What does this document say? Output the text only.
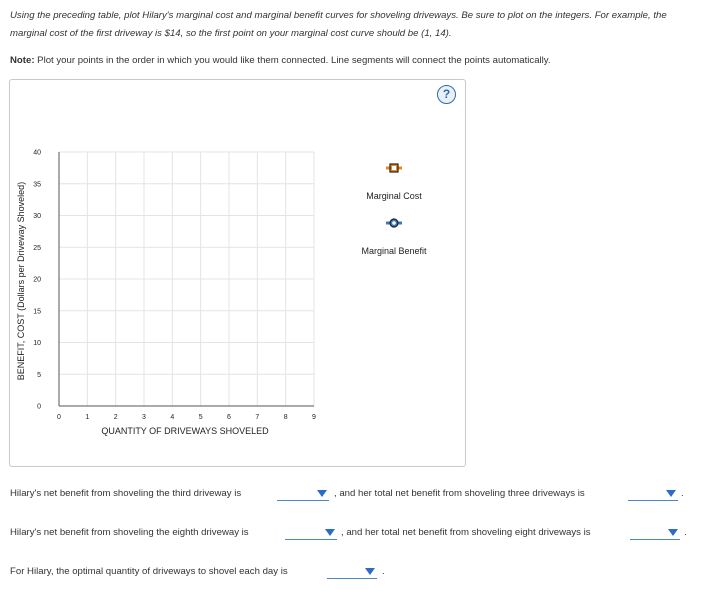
Using the preceding table, plot Hilary's marginal cost and marginal benefit curves for shoveling driveways. Be sure to plot on the integers. For example, the marginal cost of the first driveway is $14, so the first point on your marginal cost curve should be (1, 14).
Note: Plot your points in the order in which you would like them connected. Line segments will connect the points automatically.
?
0	1	2	3	4	5	6	7	8	9
0
5
10
15
20
25
30
35
40
QUANTITY OF DRIVEWAYS SHOVELED
BENEFIT, COST (Dollars per Driveway Shoveled)	Marginal Cost
Marginal Benefit
Hilary's net benefit from shoveling the third driveway is	, and her total net benefit from shoveling three driveways is	.
Hilary's net benefit from shoveling the eighth driveway is	, and her total net benefit from shoveling eight driveways is	.
For Hilary, the optimal quantity of driveways to shovel each day is	.
